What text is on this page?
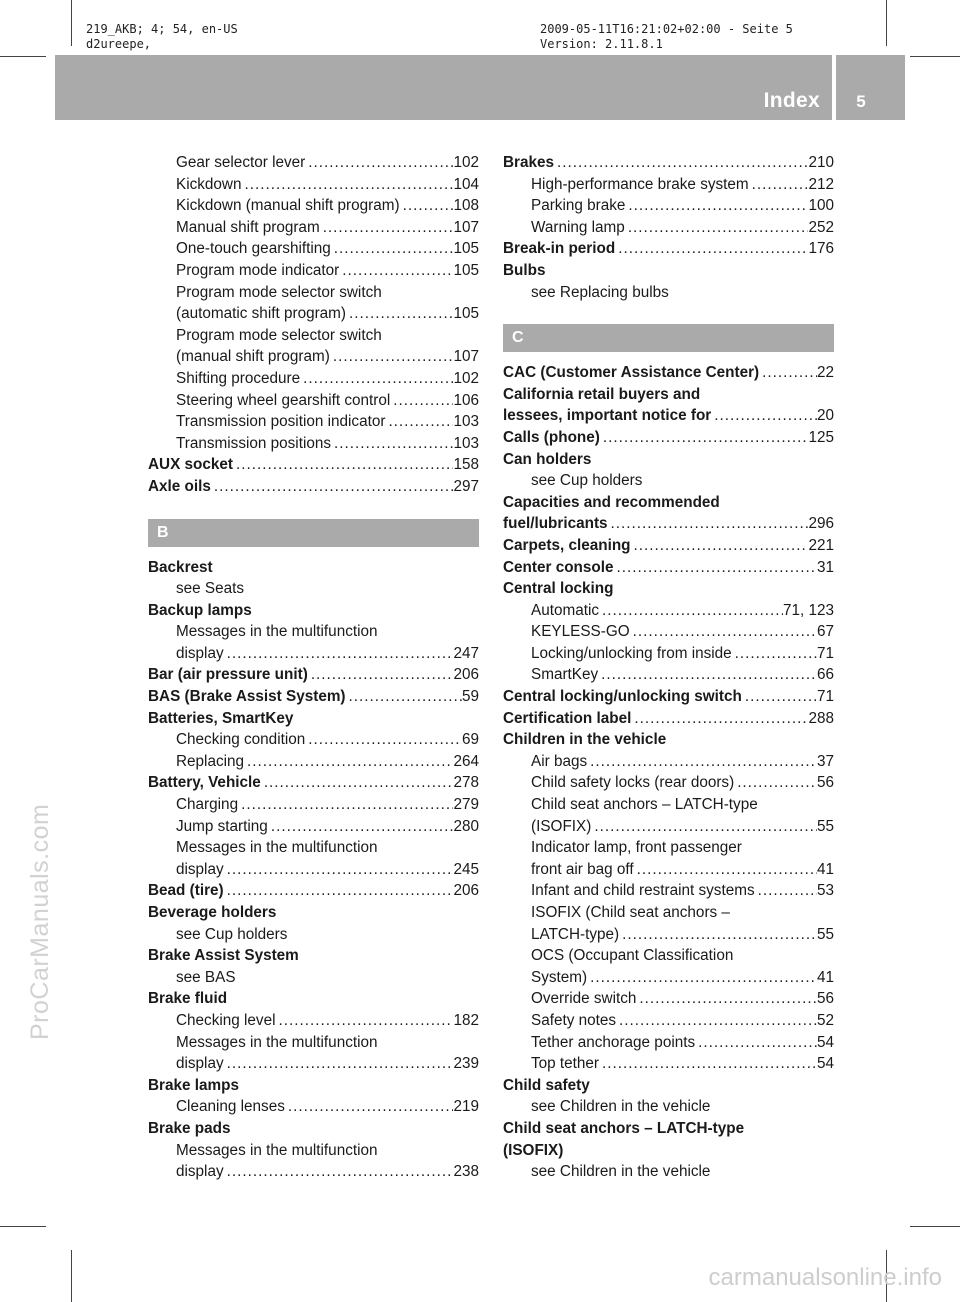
219_AKB; 4; 54, en-US
d2ureepe,
2009-05-11T16:21:02+02:00 - Seite 5
Version: 2.11.8.1
Index	5
Gear selector lever .....	102
Kickdown .....	104
Kickdown (manual shift program) .....	108
Manual shift program .....	107
One-touch gearshifting .....	105
Program mode indicator .....	105
Program mode selector switch
(automatic shift program) .....	105
Program mode selector switch
(manual shift program) .....	107
Shifting procedure .....	102
Steering wheel gearshift control .....	106
Transmission position indicator .....	103
Transmission positions .....	103
AUX socket .....	158
Axle oils .....	297
B
Backrest
see Seats
Backup lamps
Messages in the multifunction
display .....	247
Bar (air pressure unit) .....	206
BAS (Brake Assist System) .....	59
Batteries, SmartKey
Checking condition .....	69
Replacing .....	264
Battery, Vehicle .....	278
Charging .....	279
Jump starting .....	280
Messages in the multifunction
display .....	245
Bead (tire) .....	206
Beverage holders
see Cup holders
Brake Assist System
see BAS
Brake fluid
Checking level .....	182
Messages in the multifunction
display .....	239
Brake lamps
Cleaning lenses .....	219
Brake pads
Messages in the multifunction
display .....	238
Brakes .....	210
High-performance brake system .....	212
Parking brake .....	100
Warning lamp .....	252
Break-in period .....	176
Bulbs
see Replacing bulbs
C
CAC (Customer Assistance Center) .....	22
California retail buyers and
lessees, important notice for .....	20
Calls (phone) .....	125
Can holders
see Cup holders
Capacities and recommended
fuel/lubricants .....	296
Carpets, cleaning .....	221
Center console .....	31
Central locking
Automatic .....	71, 123
KEYLESS-GO .....	67
Locking/unlocking from inside .....	71
SmartKey .....	66
Central locking/unlocking switch .....	71
Certification label .....	288
Children in the vehicle
Air bags .....	37
Child safety locks (rear doors) .....	56
Child seat anchors – LATCH-type
(ISOFIX) .....	55
Indicator lamp, front passenger
front air bag off .....	41
Infant and child restraint systems .....	53
ISOFIX (Child seat anchors –
LATCH-type) .....	55
OCS (Occupant Classification
System) .....	41
Override switch .....	56
Safety notes .....	52
Tether anchorage points .....	54
Top tether .....	54
Child safety
see Children in the vehicle
Child seat anchors – LATCH-type
(ISOFIX)
see Children in the vehicle
ProCarManuals.com
carmanualsonline.info
